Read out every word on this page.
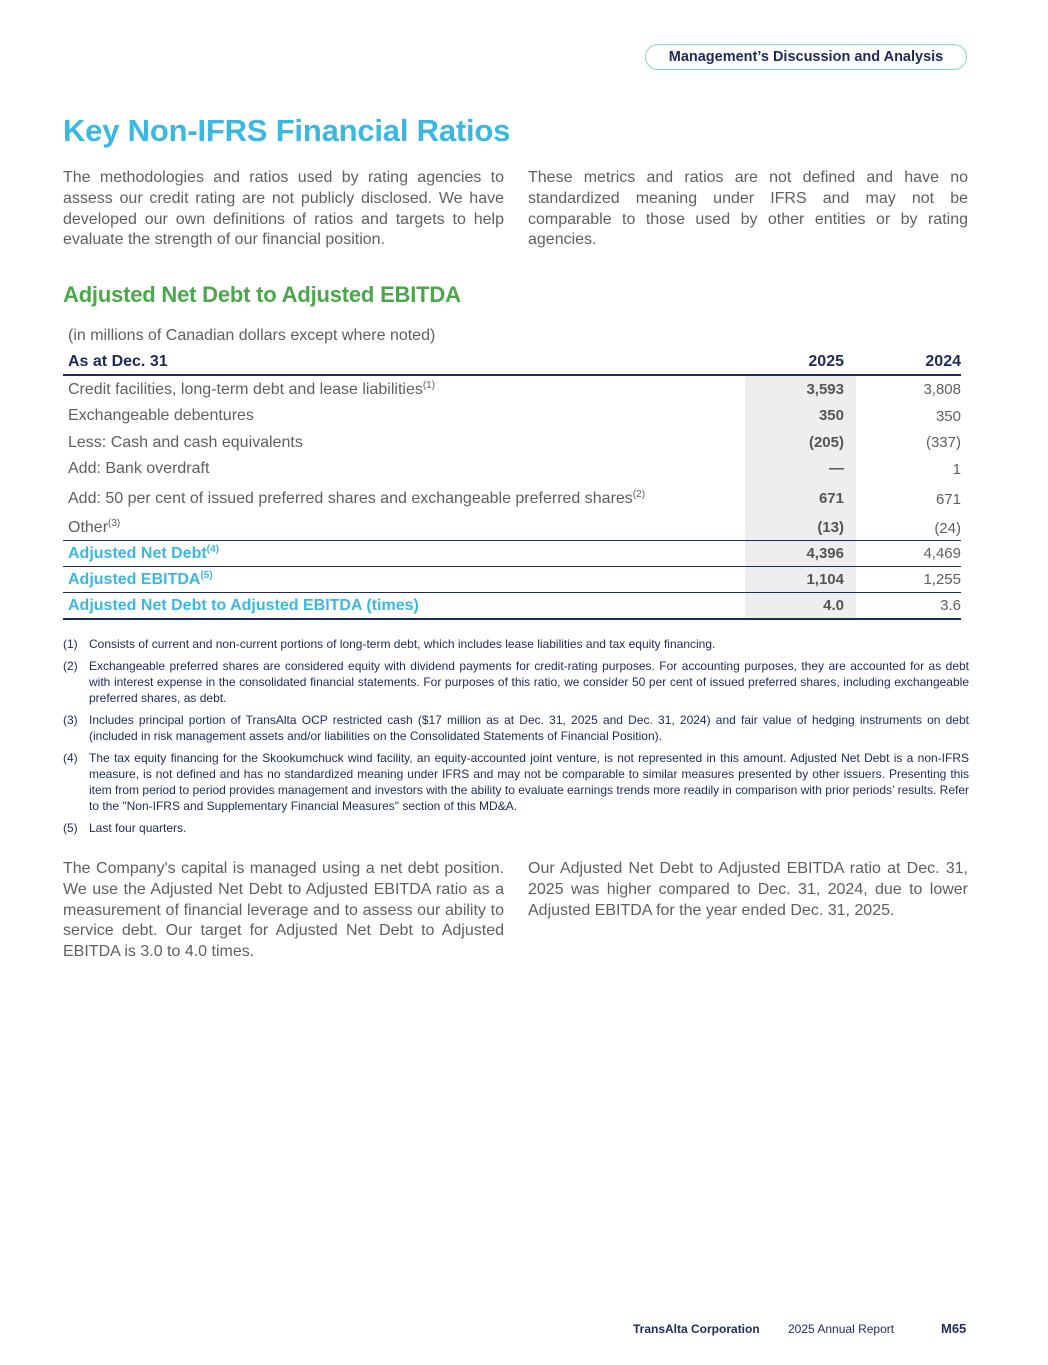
Management’s Discussion and Analysis
Key Non-IFRS Financial Ratios

The methodologies and ratios used by rating agencies to assess our credit rating are not publicly disclosed. We have developed our own definitions of ratios and targets to help evaluate the strength of our financial position.

These metrics and ratios are not defined and have no standardized meaning under IFRS and may not be comparable to those used by other entities or by rating agencies.

Adjusted Net Debt to Adjusted EBITDA
(in millions of Canadian dollars except where noted)
As at Dec. 31	2025	2024
Credit facilities, long-term debt and lease liabilities$^{(1)}$	3,593	3,808
Exchangeable debentures	350	350
Less: Cash and cash equivalents	(205)	(337)
Add: Bank overdraft	—	1
Add: 50 per cent of issued preferred shares and exchangeable preferred shares$^{(2)}$	671	671
Other$^{(3)}$	(13)	(24)
Adjusted Net Debt$^{(4)}$	4,396	4,469
Adjusted EBITDA$^{(5)}$	1,104	1,255
Adjusted Net Debt to Adjusted EBITDA (times)	4.0	3.6
(1) Consists of current and non-current portions of long-term debt, which includes lease liabilities and tax equity financing.
(2) Exchangeable preferred shares are considered equity with dividend payments for credit-rating purposes. For accounting purposes, they are accounted for as debt with interest expense in the consolidated financial statements. For purposes of this ratio, we consider 50 per cent of issued preferred shares, including exchangeable preferred shares, as debt.
(3) Includes principal portion of TransAlta OCP restricted cash ($17 million as at Dec. 31, 2025 and Dec. 31, 2024) and fair value of hedging instruments on debt (included in risk management assets and/or liabilities on the Consolidated Statements of Financial Position).
(4) The tax equity financing for the Skookumchuck wind facility, an equity-accounted joint venture, is not represented in this amount. Adjusted Net Debt is a non-IFRS measure, is not defined and has no standardized meaning under IFRS and may not be comparable to similar measures presented by other issuers. Presenting this item from period to period provides management and investors with the ability to evaluate earnings trends more readily in comparison with prior periods’ results. Refer to the "Non-IFRS and Supplementary Financial Measures" section of this MD&A.
(5) Last four quarters.

The Company's capital is managed using a net debt position. We use the Adjusted Net Debt to Adjusted EBITDA ratio as a measurement of financial leverage and to assess our ability to service debt. Our target for Adjusted Net Debt to Adjusted EBITDA is 3.0 to 4.0 times.

Our Adjusted Net Debt to Adjusted EBITDA ratio at Dec. 31, 2025 was higher compared to Dec. 31, 2024, due to lower Adjusted EBITDA for the year ended Dec. 31, 2025.

TransAlta Corporation 2025 Annual Report	M65
